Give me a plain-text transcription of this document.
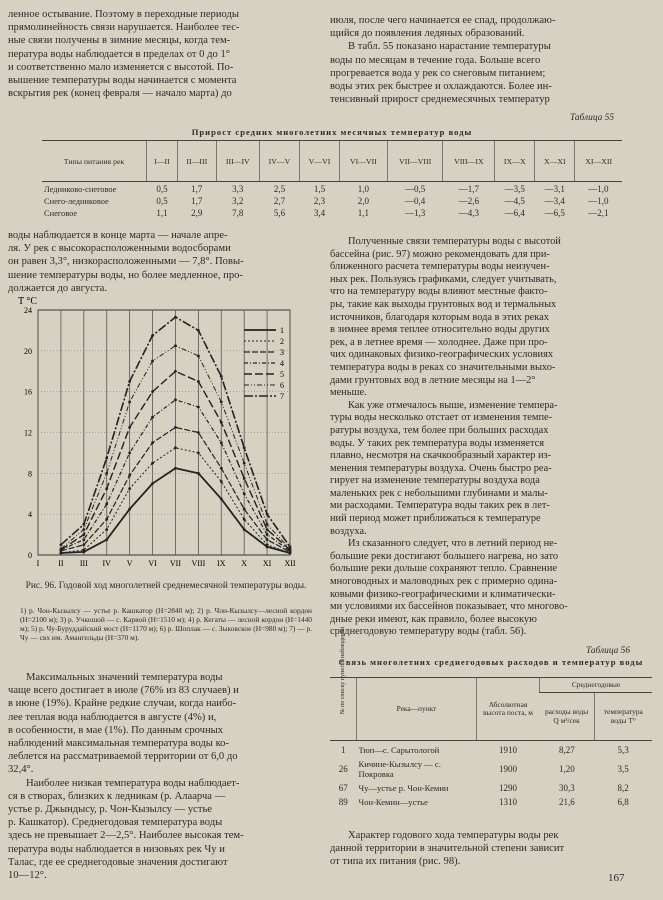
ленное остывание. Поэтому в переходные периоды

прямолинейность связи нарушается. Наиболее тес-

ные связи получены в зимние месяцы, когда тем-

пература воды наблюдается в пределах от 0 до 1°

и соответственно мало изменяется с высотой. По-

вышение температуры воды начинается с момента

вскрытия рек (конец февраля — начало марта) до

июля, после чего начинается ее спад, продолжаю-

щийся до появления ледяных образований.

В табл. 55 показано нарастание температуры

воды по месяцам в течение года. Больше всего

прогревается вода у рек со снеговым питанием;

воды этих рек быстрее и охлаждаются. Более ин-

тенсивный прирост среднемесячных температур

Таблица 55
Прирост средних многолетних месячных температур воды
Типы питания рек	I—II	II—III	III—IV	IV—V	V—VI	VI—VII	VII—VIII	VIII—IX	IX—X	X—XI	XI—XII
Ледниково-снеговое	0,5	1,7	3,3	2,5	1,5	1,0	—0,5	—1,7	—3,5	—3,1	—1,0
Снего-ледниковое	0,5	1,7	3,2	2,7	2,3	2,0	—0,4	—2,6	—4,5	—3,4	—1,0
Снеговое	1,1	2,9	7,8	5,6	3,4	1,1	—1,3	—4,3	—6,4	—6,5	—2,1

воды наблюдается в конце марта — начале апре-

ля. У рек с высокорасположенными водосборами

он равен 3,3°, низкорасположенными — 7,8°. Повы-

шение температуры воды, но более медленное, про-

должается до августа.

0
4
8
12
16
20
24
I II III IV V VI VII VIII IX X XI XII
T °C
1
2
3
4
5
6
7
Рис. 96. Годовой ход многолетней среднемесячной температуры воды.
1) р. Чон-Кызылсу — устье р. Кашкатор (H=2840 м); 2) р. Чон-Кызылсу—лесной кордон (H=2100 м); 3) р. Учкошой — с. Карвой (H=1510 м); 4) р. Кегаты — лесной кордон (H=1440 м); 5) р. Чу-Буруддайский мост (H=1170 м); 6) р. Шоплак — с. Зыковское (H=980 м); 7) — р. Чу — свх им. Амангельды (H=370 м).

Максимальных значений температура воды

чаще всего достигает в июле (76% из 83 случаев) и

в июне (19%). Крайне редкие случаи, когда наибо-

лее теплая вода наблюдается в августе (4%) и,

в особенности, в мае (1%). По данным срочных

наблюдений максимальная температура воды ко-

леблется на рассматриваемой территории от 6,0 до

32,4°.

Наиболее низкая температура воды наблюдает-

ся в створах, близких к ледникам (р. Алаарча —

устье р. Джындысу, р. Чон-Кызылсу — устье

р. Кашкатор). Среднегодовая температура воды

здесь не превышает 2—2,5°. Наиболее высокая тем-

пература воды наблюдается в низовьях рек Чу и

Талас, где ее среднегодовые значения достигают

10—12°.

Полученные связи температуры воды с высотой

бассейна (рис. 97) можно рекомендовать для при-

ближенного расчета температуры воды неизучен-

ных рек. Пользуясь графиками, следует учитывать,

что на температуру воды влияют местные факто-

ры, такие как выходы грунтовых вод и термальных

источников, благодаря которым вода в этих реках

в зимнее время теплее относительно воды других

рек, а в летнее время — холоднее. Даже при про-

чих одинаковых физико-географических условиях

температура воды в реках со значительными выхо-

дами грунтовых вод в летние месяцы на 1—2°

меньше.

Как уже отмечалось выше, изменение темпера-

туры воды несколько отстает от изменения темпе-

ратуры воздуха, тем более при больших расходах

воды. У таких рек температура воды изменяется

плавно, несмотря на скачкообразный характер из-

менения температуры воздуха. Очень быстро реа-

гирует на изменение температуры воздуха вода

маленьких рек с небольшими глубинами и малы-

ми расходами. Температура воды таких рек в лет-

ний период может приближаться к температуре

воздуха.

Из сказанного следует, что в летний период не-

большие реки достигают большего нагрева, но зато

большие реки дольше сохраняют тепло. Сравнение

многоводных и маловодных рек с примерно одина-

ковыми физико-географическими и климатически-

ми условиями их бассейнов показывает, что многово-

дные реки имеют, как правило, более высокую

среднегодовую температуру воды (табл. 56).

Таблица 56
Связь многолетних среднегодовых расходов и температур воды
№ по списку пунктов наблюдений	Река—пункт	Абсолютная высота поста, м	Среднегодовые	
			расходы воды Q м³/сек	температура воды T°
1	Тюп—с. Сарытологой	1910	8,27	5,3
26	Кичине-Кызылсу — с. Покровка	1900	1,20	3,5
67	Чу—устье р. Чон-Кемин	1290	30,3	8,2
89	Чон-Кемин—устье	1310	21,6	6,8

Характер годового хода температуры воды рек

данной территории в значительной степени зависит

от типа их питания (рис. 98).

167
